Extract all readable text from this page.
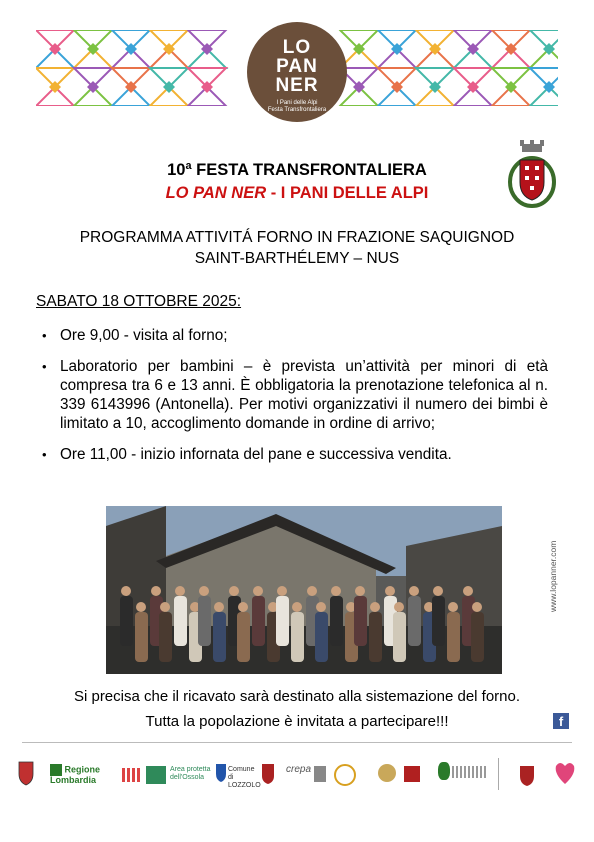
LO
PAN
NER
I Pani delle Alpi
Festa Transfrontaliera
10ª FESTA TRANSFRONTALIERA
LO PAN NER - I PANI DELLE ALPI
PROGRAMMA ATTIVITÁ FORNO IN FRAZIONE SAQUIGNOD
SAINT-BARTHÉLEMY – NUS
SABATO 18 OTTOBRE 2025:
• Ore 9,00 - visita al forno;
• Laboratorio per bambini – è prevista un’attività per minori di età compresa tra 6 e 13 anni. È obbligatoria la prenotazione telefonica al n. 339 6143996 (Antonella). Per motivi organizzativi il numero dei bimbi è limitato a 10, accoglimento domande in ordine di arrivo;
• Ore 11,00 - inizio infornata del pane e successiva vendita.
www.lopanner.com
Si precisa che il ricavato sarà destinato alla sistemazione del forno.
Tutta la popolazione è invitata a partecipare!!!	f
Regione Lombardia
Area protetta dell'Ossola
Comune di LOZZOLO
crepa
